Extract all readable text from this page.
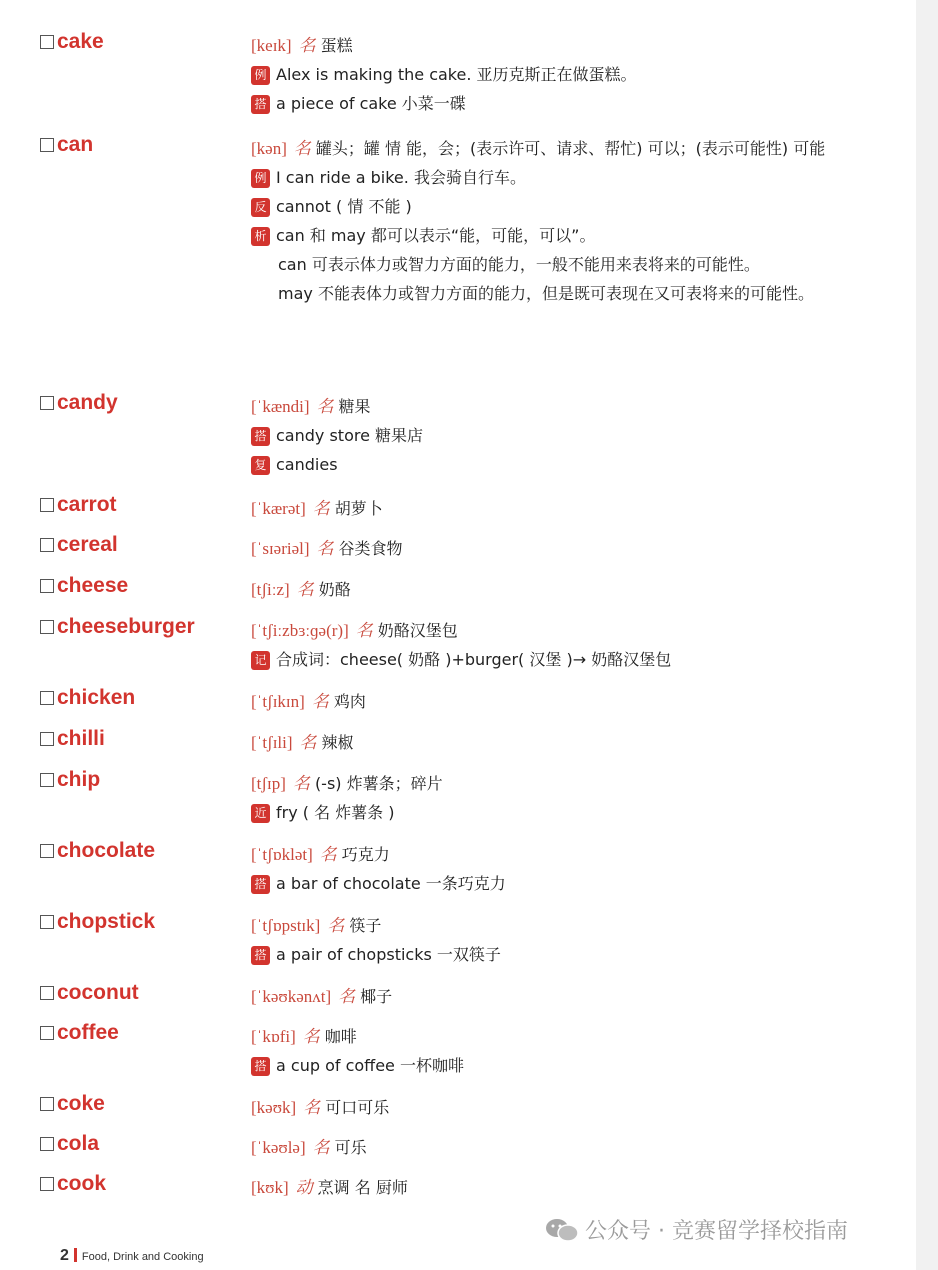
cake	[keɪk] 名 蛋糕
例 Alex is making the cake. 亚历克斯正在做蛋糕。
搭 a piece of cake 小菜一碟
can	[kən] 名 罐头；罐 情 能，会；(表示许可、请求、帮忙) 可以；(表示可能性) 可能
例 I can ride a bike. 我会骑自行车。
反 cannot ( 情 不能 )
析 can 和 may 都可以表示“能，可能，可以”。
can 可表示体力或智力方面的能力，一般不能用来表将来的可能性。
may 不能表体力或智力方面的能力，但是既可表现在又可表将来的可能性。
candy	[ˈkændi] 名 糖果
搭 candy store 糖果店
复 candies
carrot	[ˈkærət] 名 胡萝卜
cereal	[ˈsɪəriəl] 名 谷类食物
cheese	[tʃiːz] 名 奶酪
cheeseburger	[ˈtʃiːzbɜːɡə(r)] 名 奶酪汉堡包
记 合成词：cheese( 奶酪 )+burger( 汉堡 )→ 奶酪汉堡包
chicken	[ˈtʃɪkɪn] 名 鸡肉
chilli	[ˈtʃɪli] 名 辣椒
chip	[tʃɪp] 名 (-s) 炸薯条；碎片
近 fry ( 名 炸薯条 )
chocolate	[ˈtʃɒklət] 名 巧克力
搭 a bar of chocolate 一条巧克力
chopstick	[ˈtʃɒpstɪk] 名 筷子
搭 a pair of chopsticks 一双筷子
coconut	[ˈkəʊkənʌt] 名 椰子
coffee	[ˈkɒfi] 名 咖啡
搭 a cup of coffee 一杯咖啡
coke	[kəʊk] 名 可口可乐
cola	[ˈkəʊlə] 名 可乐
cook	[kʊk] 动 烹调 名 厨师
2 Food, Drink and Cooking
公众号 · 竞赛留学择校指南
